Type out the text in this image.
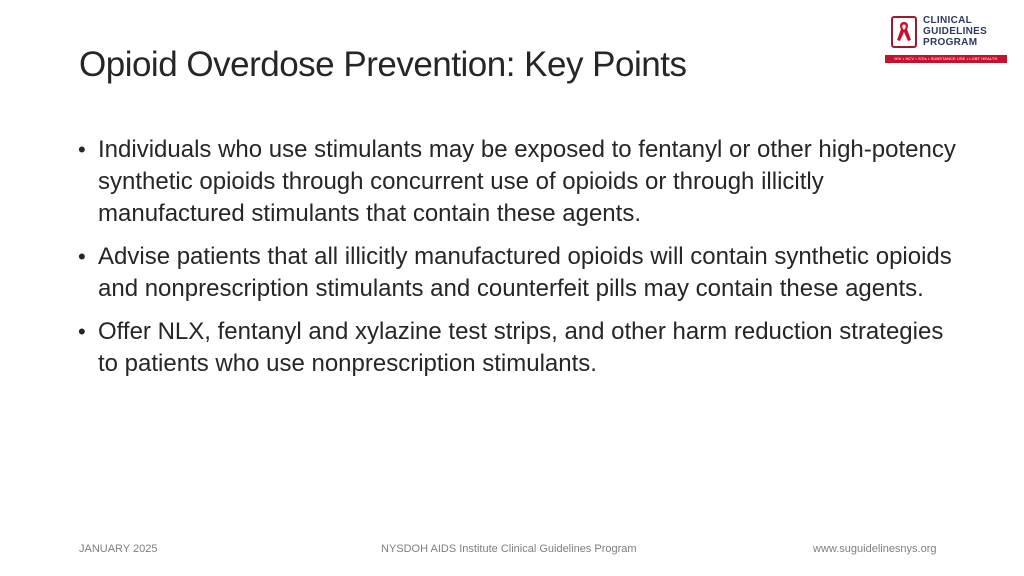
Opioid Overdose Prevention: Key Points
CLINICAL
GUIDELINES
PROGRAM
HIV • HCV • STIs • SUBSTANCE USE • LGBT HEALTH
• Individuals who use stimulants may be exposed to fentanyl or other high-potency synthetic opioids through concurrent use of opioids or through illicitly manufactured stimulants that contain these agents.
• Advise patients that all illicitly manufactured opioids will contain synthetic opioids and nonprescription stimulants and counterfeit pills may contain these agents.
• Offer NLX, fentanyl and xylazine test strips, and other harm reduction strategies to patients who use nonprescription stimulants.
JANUARY 2025	NYSDOH AIDS Institute Clinical Guidelines Program	www.suguidelinesnys.org
